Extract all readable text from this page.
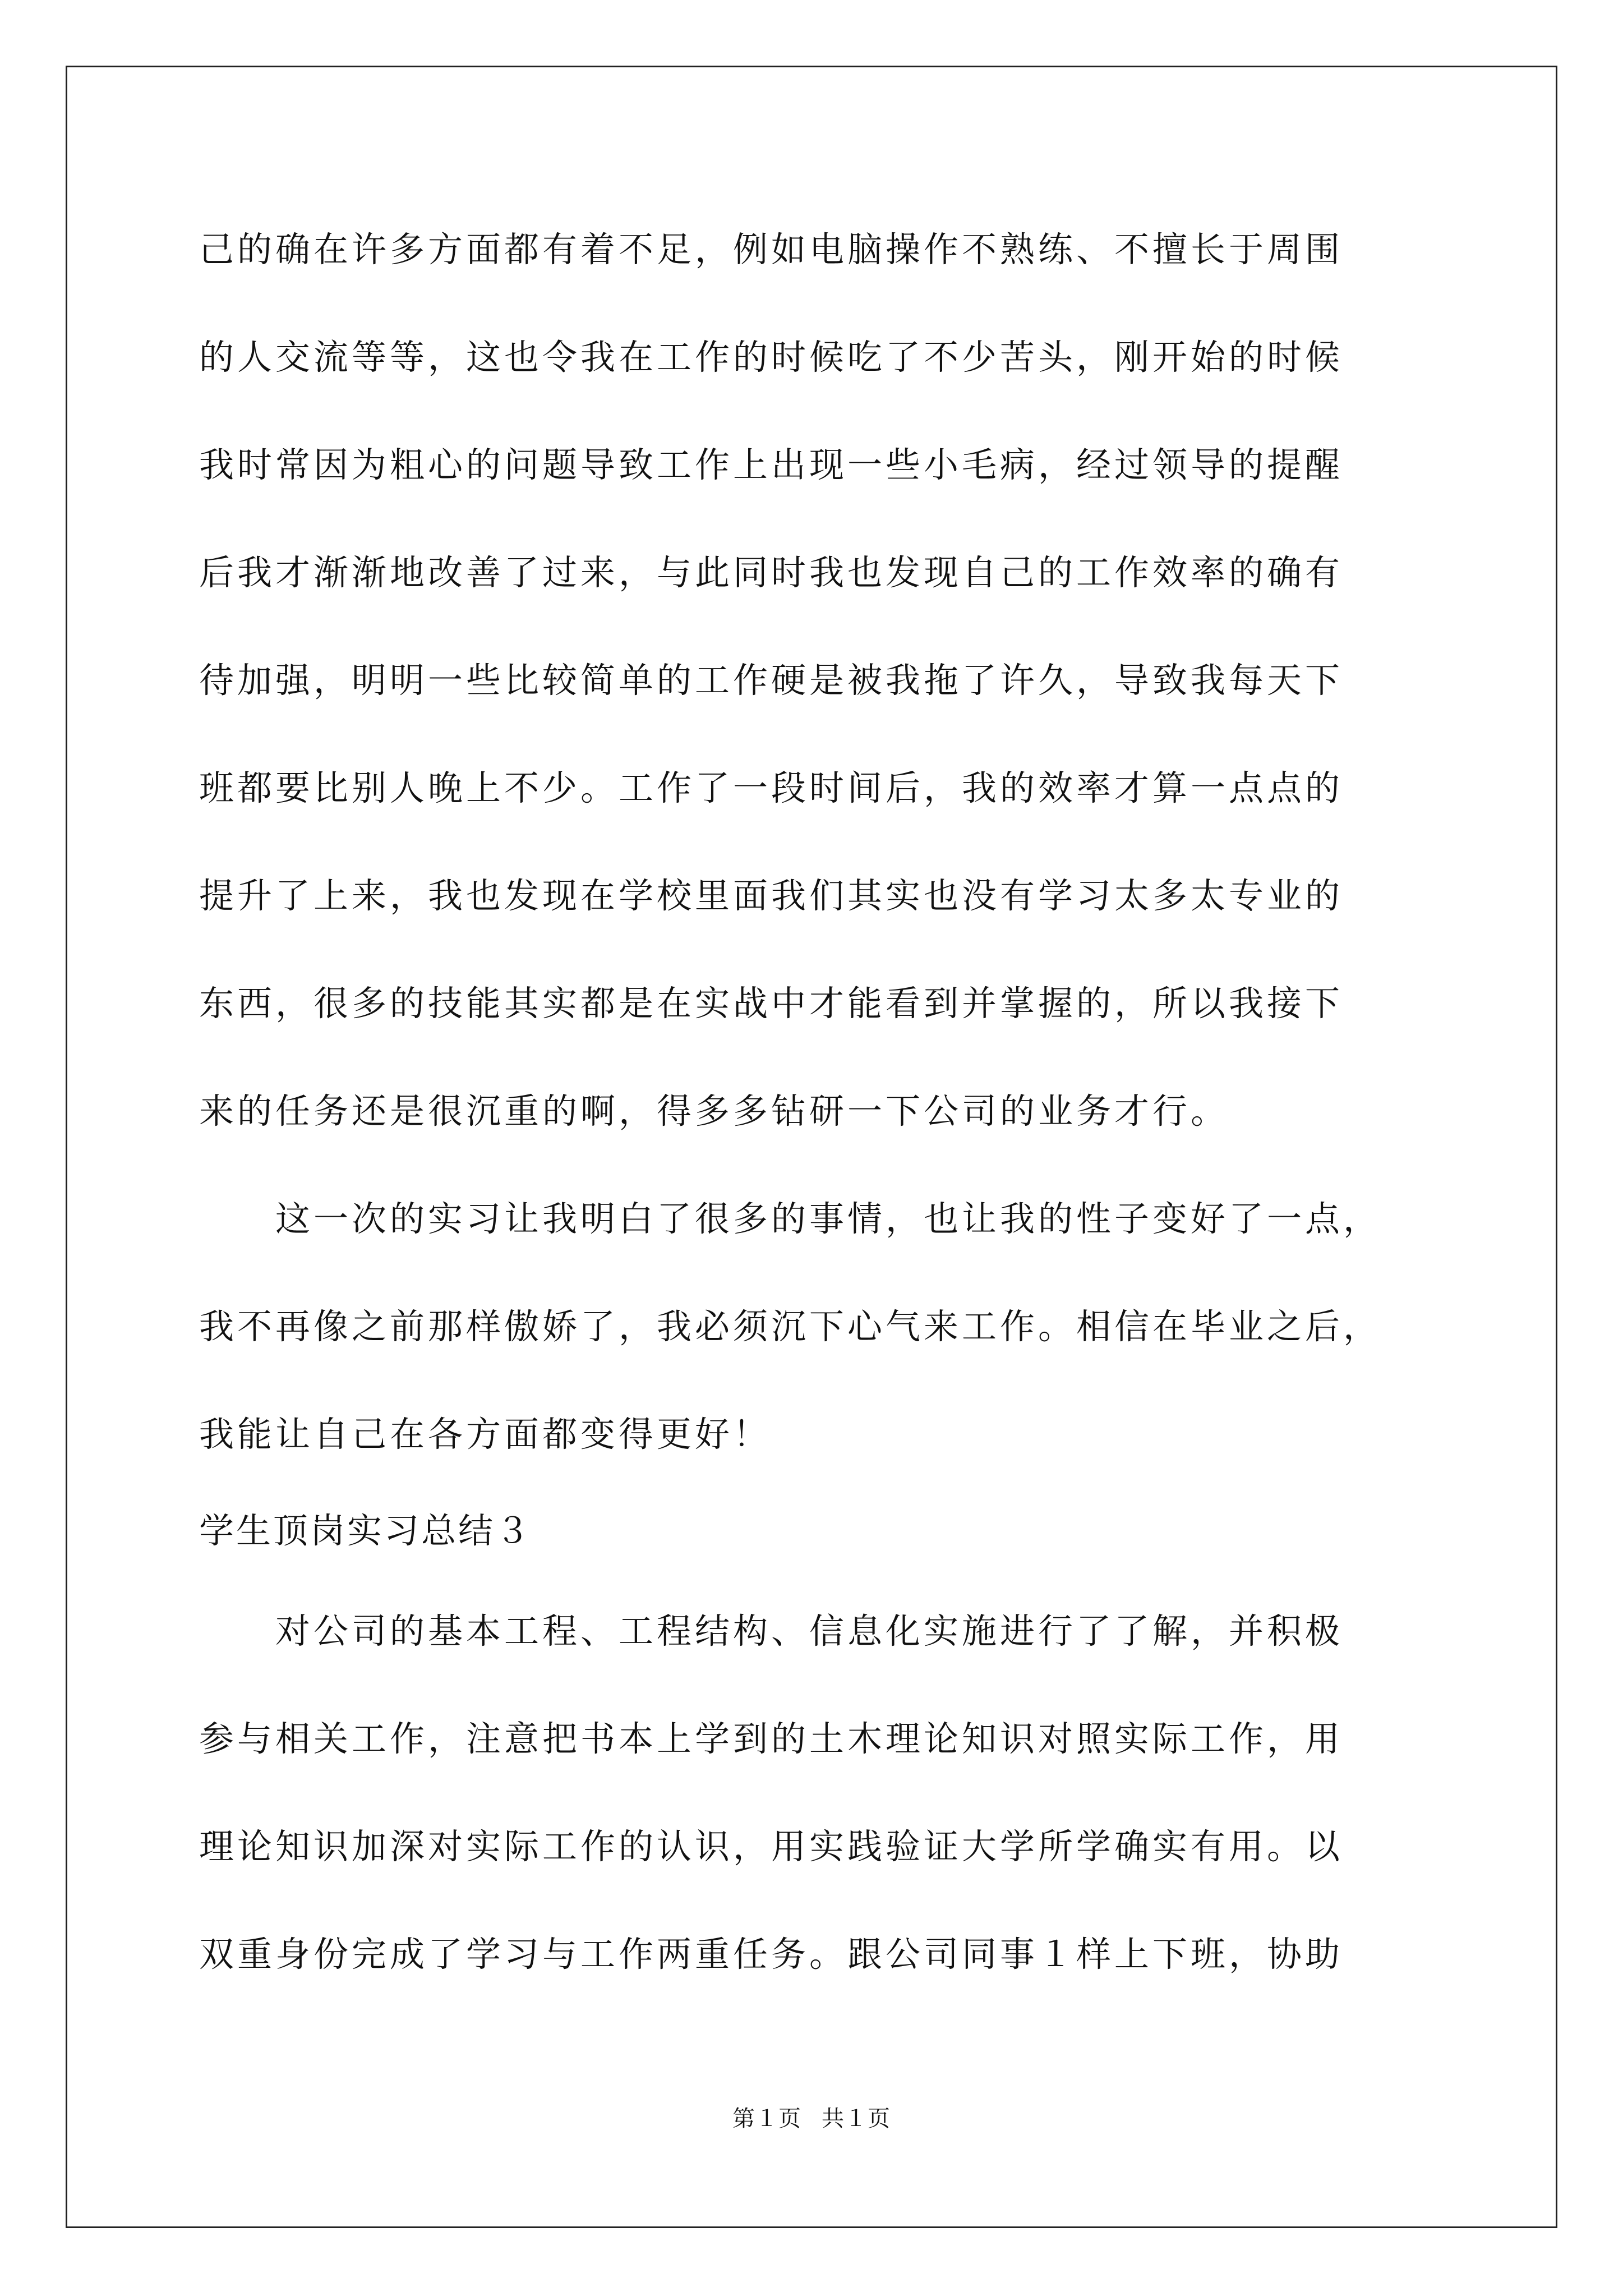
己的确在许多方面都有着不足，例如电脑操作不熟练、不擅长于周围
的人交流等等，这也令我在工作的时候吃了不少苦头，刚开始的时候
我时常因为粗心的问题导致工作上出现一些小毛病，经过领导的提醒
后我才渐渐地改善了过来，与此同时我也发现自己的工作效率的确有
待加强，明明一些比较简单的工作硬是被我拖了许久，导致我每天下
班都要比别人晚上不少。工作了一段时间后，我的效率才算一点点的
提升了上来，我也发现在学校里面我们其实也没有学习太多太专业的
东西，很多的技能其实都是在实战中才能看到并掌握的，所以我接下
来的任务还是很沉重的啊，得多多钻研一下公司的业务才行。
　　这一次的实习让我明白了很多的事情，也让我的性子变好了一点，
我不再像之前那样傲娇了，我必须沉下心气来工作。相信在毕业之后，
我能让自己在各方面都变得更好！
学生顶岗实习总结３
　　对公司的基本工程、工程结构、信息化实施进行了了解，并积极
参与相关工作，注意把书本上学到的土木理论知识对照实际工作，用
理论知识加深对实际工作的认识，用实践验证大学所学确实有用。以
双重身份完成了学习与工作两重任务。跟公司同事１样上下班，协助
第１页 共１页
